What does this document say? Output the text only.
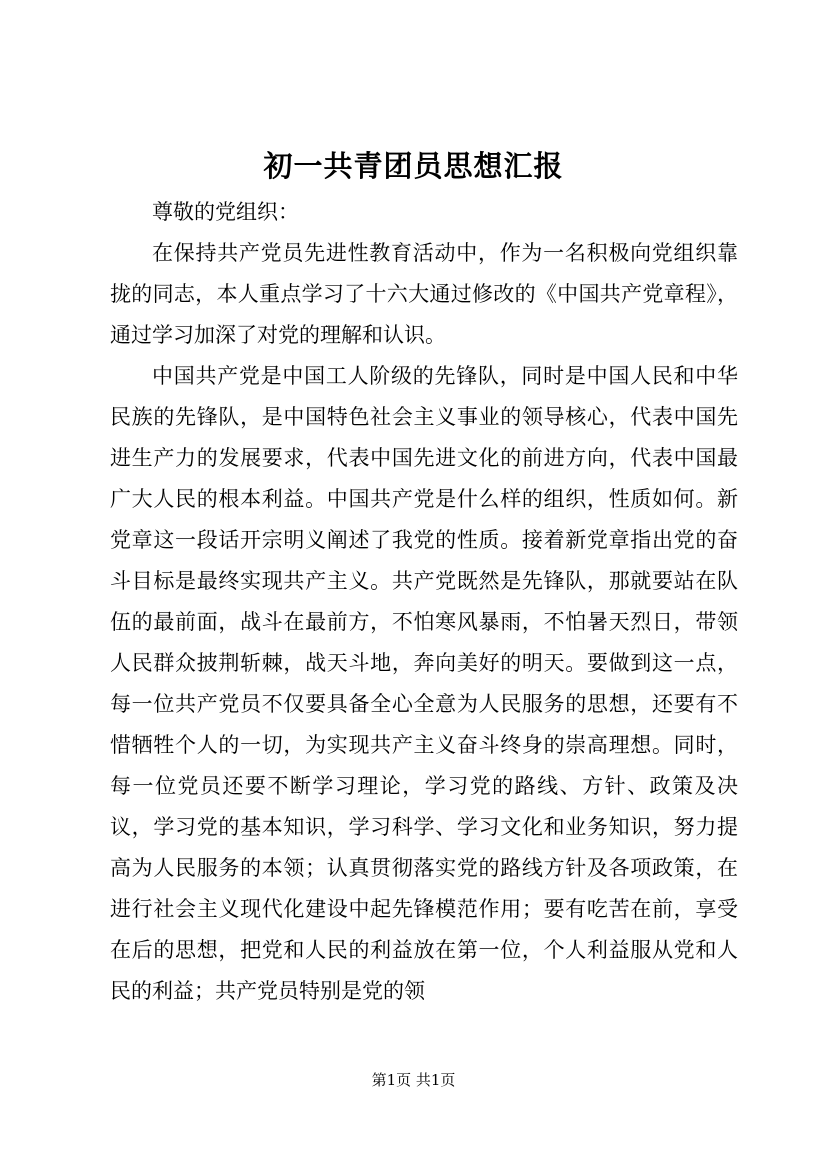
初一共青团员思想汇报

尊敬的党组织：

在保持共产党员先进性教育活动中，作为一名积极向党组织靠拢的同志，本人重点学习了十六大通过修改的《中国共产党章程》，通过学习加深了对党的理解和认识。

中国共产党是中国工人阶级的先锋队，同时是中国人民和中华民族的先锋队，是中国特色社会主义事业的领导核心，代表中国先进生产力的发展要求，代表中国先进文化的前进方向，代表中国最广大人民的根本利益。中国共产党是什么样的组织，性质如何。新党章这一段话开宗明义阐述了我党的性质。接着新党章指出党的奋斗目标是最终实现共产主义。共产党既然是先锋队，那就要站在队伍的最前面，战斗在最前方，不怕寒风暴雨，不怕暑天烈日，带领人民群众披荆斩棘，战天斗地，奔向美好的明天。要做到这一点，每一位共产党员不仅要具备全心全意为人民服务的思想，还要有不惜牺牲个人的一切，为实现共产主义奋斗终身的崇高理想。同时，每一位党员还要不断学习理论，学习党的路线、方针、政策及决议，学习党的基本知识，学习科学、学习文化和业务知识，努力提高为人民服务的本领；认真贯彻落实党的路线方针及各项政策，在进行社会主义现代化建设中起先锋模范作用；要有吃苦在前，享受在后的思想，把党和人民的利益放在第一位，个人利益服从党和人民的利益；共产党员特别是党的领

第1页 共1页
